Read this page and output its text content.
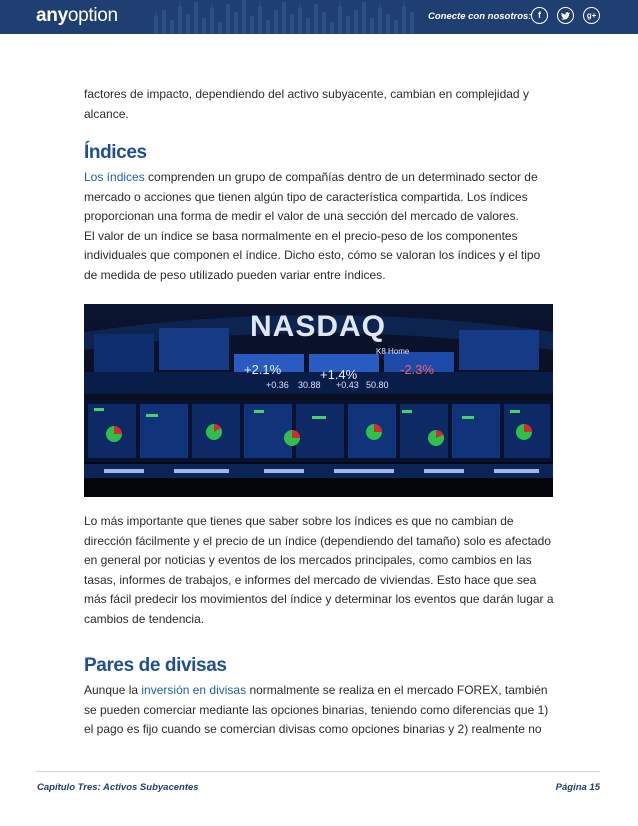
anyoption	Conecte con nosotros: f	g+

factores de impacto, dependiendo del activo subyacente, cambian en complejidad y alcance.

Índices

Los índices comprenden un grupo de compañías dentro de un determinado sector de mercado o acciones que tienen algún tipo de característica compartida. Los índices proporcionan una forma de medir el valor de una sección del mercado de valores.

El valor de un índice se basa normalmente en el precio-peso de los componentes individuales que componen el índice. Dicho esto, cómo se valoran los índices y el tipo de medida de peso utilizado pueden variar entre índices.

NASDAQ
+2.1%	+1.4%	-2.3%
+0.36 30.88 +0.43 50.80
K8 Home

Lo más importante que tienes que saber sobre los índices es que no cambian de dirección fácilmente y el precio de un índice (dependiendo del tamaño) solo es afectado en general por noticias y eventos de los mercados principales, como cambios en las tasas, informes de trabajos, e informes del mercado de viviendas. Esto hace que sea más fácil predecir los movimientos del índice y determinar los eventos que darán lugar a cambios de tendencia.

Pares de divisas

Aunque la inversión en divisas normalmente se realiza en el mercado FOREX, también se pueden comerciar mediante las opciones binarias, teniendo como diferencias que 1) el pago es fijo cuando se comercian divisas como opciones binarias y 2) realmente no

Capítulo Tres: Activos Subyacentes	Página 15
